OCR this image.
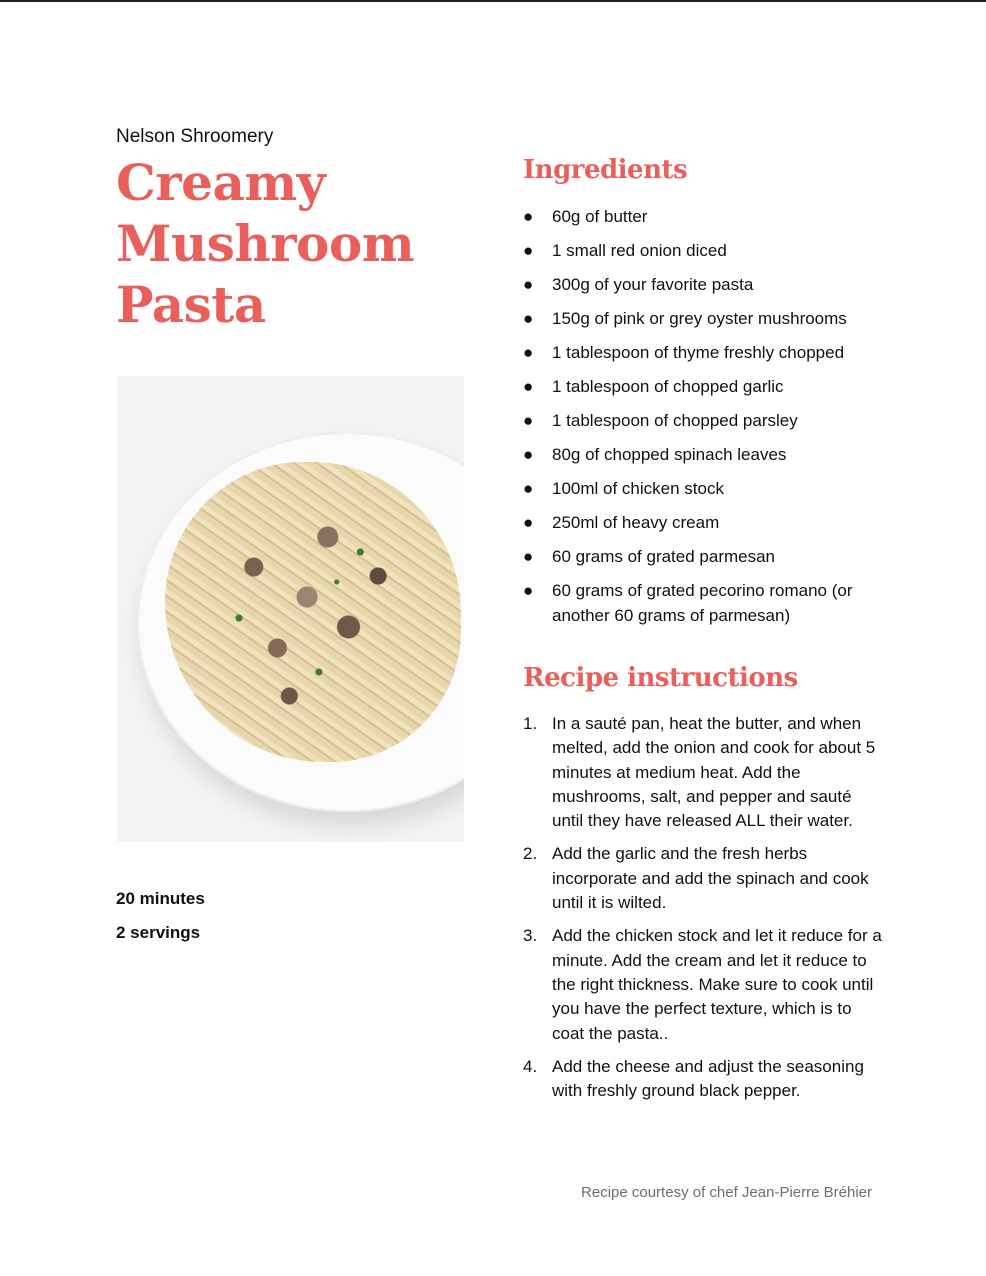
Nelson Shroomery
Creamy
Mushroom
Pasta
20 minutes
2 servings
Ingredients
● 60g of butter
● 1 small red onion diced
● 300g of your favorite pasta
● 150g of pink or grey oyster mushrooms
● 1 tablespoon of thyme freshly chopped
● 1 tablespoon of chopped garlic
● 1 tablespoon of chopped parsley
● 80g of chopped spinach leaves
● 100ml of chicken stock
● 250ml of heavy cream
● 60 grams of grated parmesan
● 60 grams of grated pecorino romano (or another 60 grams of parmesan)
Recipe instructions
1. In a sauté pan, heat the butter, and when melted, add the onion and cook for about 5 minutes at medium heat. Add the mushrooms, salt, and pepper and sauté until they have released ALL their water.
2. Add the garlic and the fresh herbs incorporate and add the spinach and cook until it is wilted.
3. Add the chicken stock and let it reduce for a minute. Add the cream and let it reduce to the right thickness. Make sure to cook until you have the perfect texture, which is to coat the pasta..
4. Add the cheese and adjust the seasoning with freshly ground black pepper.
Recipe courtesy of chef Jean-Pierre Bréhier
